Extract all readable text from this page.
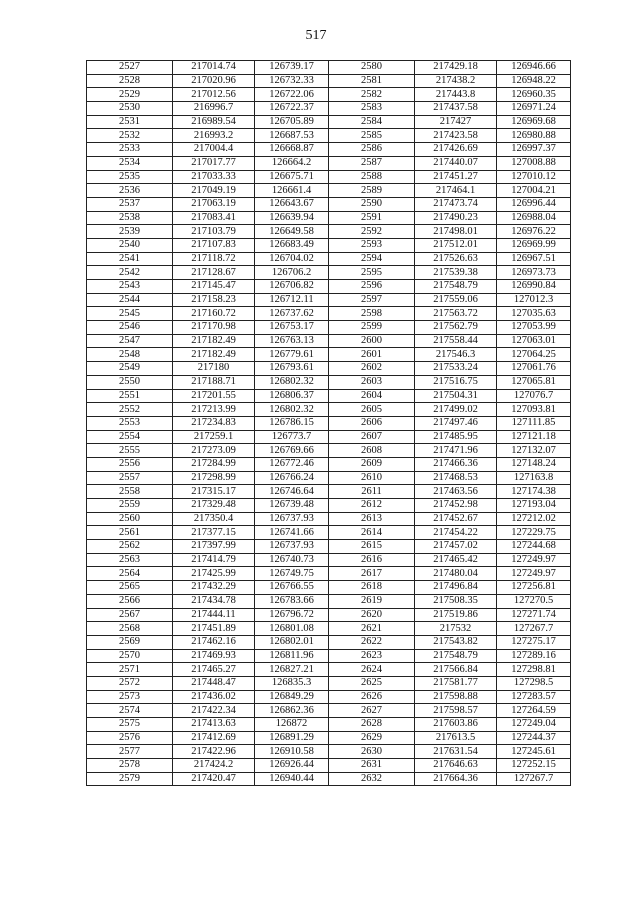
517
2527	217014.74	126739.17	2580	217429.18	126946.66
2528	217020.96	126732.33	2581	217438.2	126948.22
2529	217012.56	126722.06	2582	217443.8	126960.35
2530	216996.7	126722.37	2583	217437.58	126971.24
2531	216989.54	126705.89	2584	217427	126969.68
2532	216993.2	126687.53	2585	217423.58	126980.88
2533	217004.4	126668.87	2586	217426.69	126997.37
2534	217017.77	126664.2	2587	217440.07	127008.88
2535	217033.33	126675.71	2588	217451.27	127010.12
2536	217049.19	126661.4	2589	217464.1	127004.21
2537	217063.19	126643.67	2590	217473.74	126996.44
2538	217083.41	126639.94	2591	217490.23	126988.04
2539	217103.79	126649.58	2592	217498.01	126976.22
2540	217107.83	126683.49	2593	217512.01	126969.99
2541	217118.72	126704.02	2594	217526.63	126967.51
2542	217128.67	126706.2	2595	217539.38	126973.73
2543	217145.47	126706.82	2596	217548.79	126990.84
2544	217158.23	126712.11	2597	217559.06	127012.3
2545	217160.72	126737.62	2598	217563.72	127035.63
2546	217170.98	126753.17	2599	217562.79	127053.99
2547	217182.49	126763.13	2600	217558.44	127063.01
2548	217182.49	126779.61	2601	217546.3	127064.25
2549	217180	126793.61	2602	217533.24	127061.76
2550	217188.71	126802.32	2603	217516.75	127065.81
2551	217201.55	126806.37	2604	217504.31	127076.7
2552	217213.99	126802.32	2605	217499.02	127093.81
2553	217234.83	126786.15	2606	217497.46	127111.85
2554	217259.1	126773.7	2607	217485.95	127121.18
2555	217273.09	126769.66	2608	217471.96	127132.07
2556	217284.99	126772.46	2609	217466.36	127148.24
2557	217298.99	126766.24	2610	217468.53	127163.8
2558	217315.17	126746.64	2611	217463.56	127174.38
2559	217329.48	126739.48	2612	217452.98	127193.04
2560	217350.4	126737.93	2613	217452.67	127212.02
2561	217377.15	126741.66	2614	217454.22	127229.75
2562	217397.99	126737.93	2615	217457.02	127244.68
2563	217414.79	126740.73	2616	217465.42	127249.97
2564	217425.99	126749.75	2617	217480.04	127249.97
2565	217432.29	126766.55	2618	217496.84	127256.81
2566	217434.78	126783.66	2619	217508.35	127270.5
2567	217444.11	126796.72	2620	217519.86	127271.74
2568	217451.89	126801.08	2621	217532	127267.7
2569	217462.16	126802.01	2622	217543.82	127275.17
2570	217469.93	126811.96	2623	217548.79	127289.16
2571	217465.27	126827.21	2624	217566.84	127298.81
2572	217448.47	126835.3	2625	217581.77	127298.5
2573	217436.02	126849.29	2626	217598.88	127283.57
2574	217422.34	126862.36	2627	217598.57	127264.59
2575	217413.63	126872	2628	217603.86	127249.04
2576	217412.69	126891.29	2629	217613.5	127244.37
2577	217422.96	126910.58	2630	217631.54	127245.61
2578	217424.2	126926.44	2631	217646.63	127252.15
2579	217420.47	126940.44	2632	217664.36	127267.7
